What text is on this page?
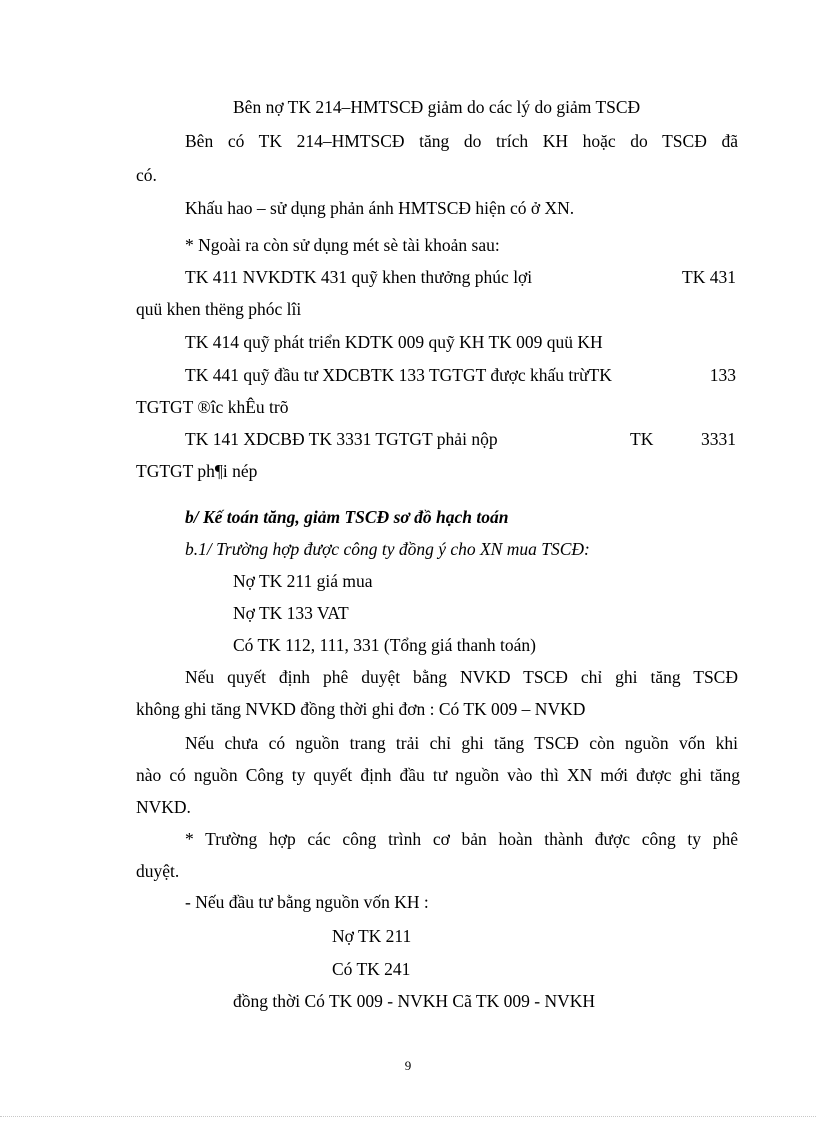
Bên nợ TK 214–HMTSCĐ giảm do các lý do giảm TSCĐ
Bên có TK 214–HMTSCĐ tăng do trích KH hoặc do TSCĐ đã
có.
Khấu hao – sử dụng phản ánh HMTSCĐ hiện có ở XN.
* Ngoài ra còn sử dụng mét sè tài khoản sau:
TK 411 NVKDTK 431 quỹ khen thưởng phúc lợi	TK 431
quü khen thëng phóc lîi
TK 414 quỹ phát triển KDTK 009 quỹ KH TK 009 quü KH
TK 441 quỹ đầu tư XDCBTK 133 TGTGT được khấu trừTK	133
TGTGT ®îc khÊu trõ
TK 141 XDCBĐ TK 3331 TGTGT phải nộp	TK	3331
TGTGT ph¶i nép
b/ Kế toán tăng, giảm TSCĐ sơ đồ hạch toán
b.1/ Trường hợp được công ty đồng ý cho XN mua TSCĐ:
Nợ TK 211 giá mua
Nợ TK 133 VAT
Có TK 112, 111, 331 (Tổng giá thanh toán)
Nếu quyết định phê duyệt bằng NVKD TSCĐ chỉ ghi tăng TSCĐ
không ghi tăng NVKD đồng thời ghi đơn : Có TK 009 – NVKD
Nếu chưa có nguồn trang trải chỉ ghi tăng TSCĐ còn nguồn vốn khi
nào có nguồn Công ty quyết định đầu tư nguồn vào thì XN mới được ghi tăng
NVKD.
* Trường hợp các công trình cơ bản hoàn thành được công ty phê
duyệt.
- Nếu đầu tư bằng nguồn vốn KH :
Nợ TK 211
Có TK 241
đồng thời Có TK 009 - NVKH Cã TK 009 - NVKH
9
